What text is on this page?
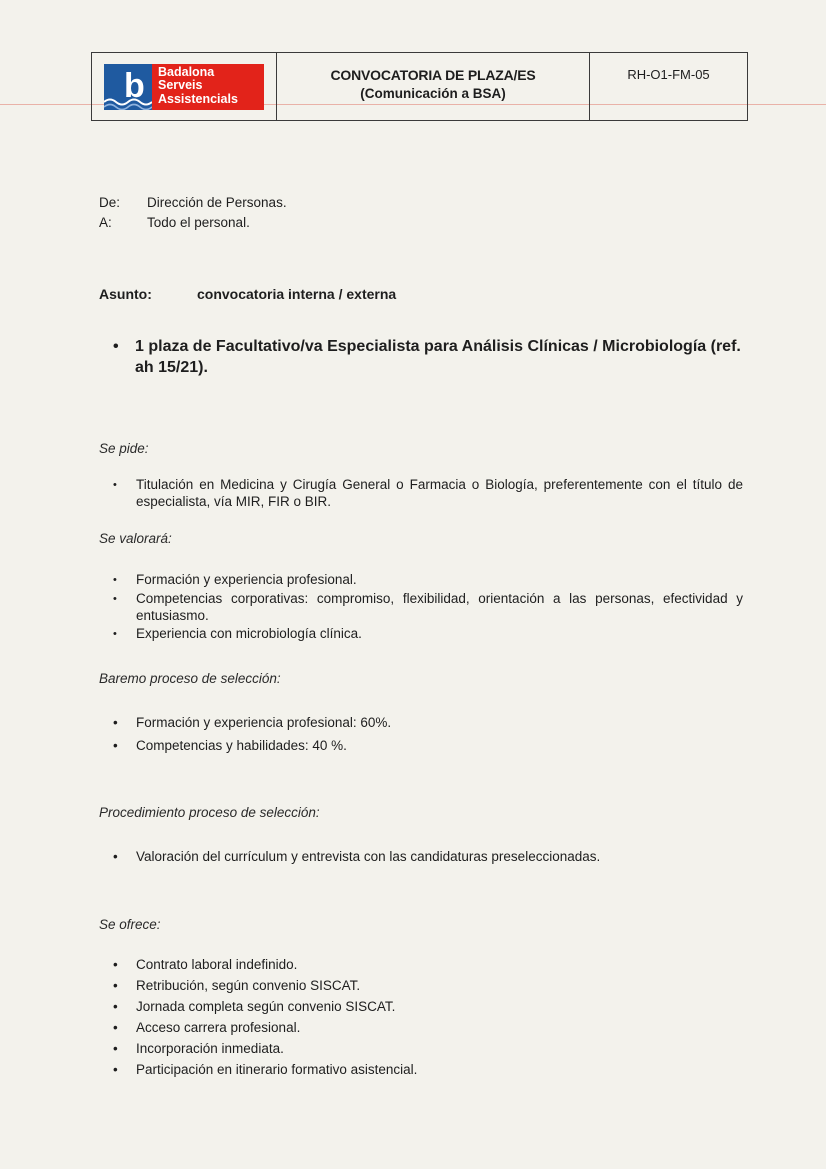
b Badalona
Serveis
Assistencials
CONVOCATORIA DE PLAZA/ES
(Comunicación a BSA)
RH-O1-FM-05
De:	Dirección de Personas.
A:	Todo el personal.
Asunto:	convocatoria interna / externa
•	1 plaza de Facultativo/va Especialista para Análisis Clínicas / Microbiología (ref. ah 15/21).
Se pide:
•	Titulación en Medicina y Cirugía General o Farmacia o Biología, preferentemente con el título de especialista, vía MIR, FIR o BIR.
Se valorará:
•	Formación y experiencia profesional.
•	Competencias corporativas: compromiso, flexibilidad, orientación a las personas, efectividad y entusiasmo.
•	Experiencia con microbiología clínica.
Baremo proceso de selección:
•	Formación y experiencia profesional: 60%.
•	Competencias y habilidades: 40 %.
Procedimiento proceso de selección:
•	Valoración del currículum y entrevista con las candidaturas preseleccionadas.
Se ofrece:
•	Contrato laboral indefinido.
•	Retribución, según convenio SISCAT.
•	Jornada completa según convenio SISCAT.
•	Acceso carrera profesional.
•	Incorporación inmediata.
•	Participación en itinerario formativo asistencial.
